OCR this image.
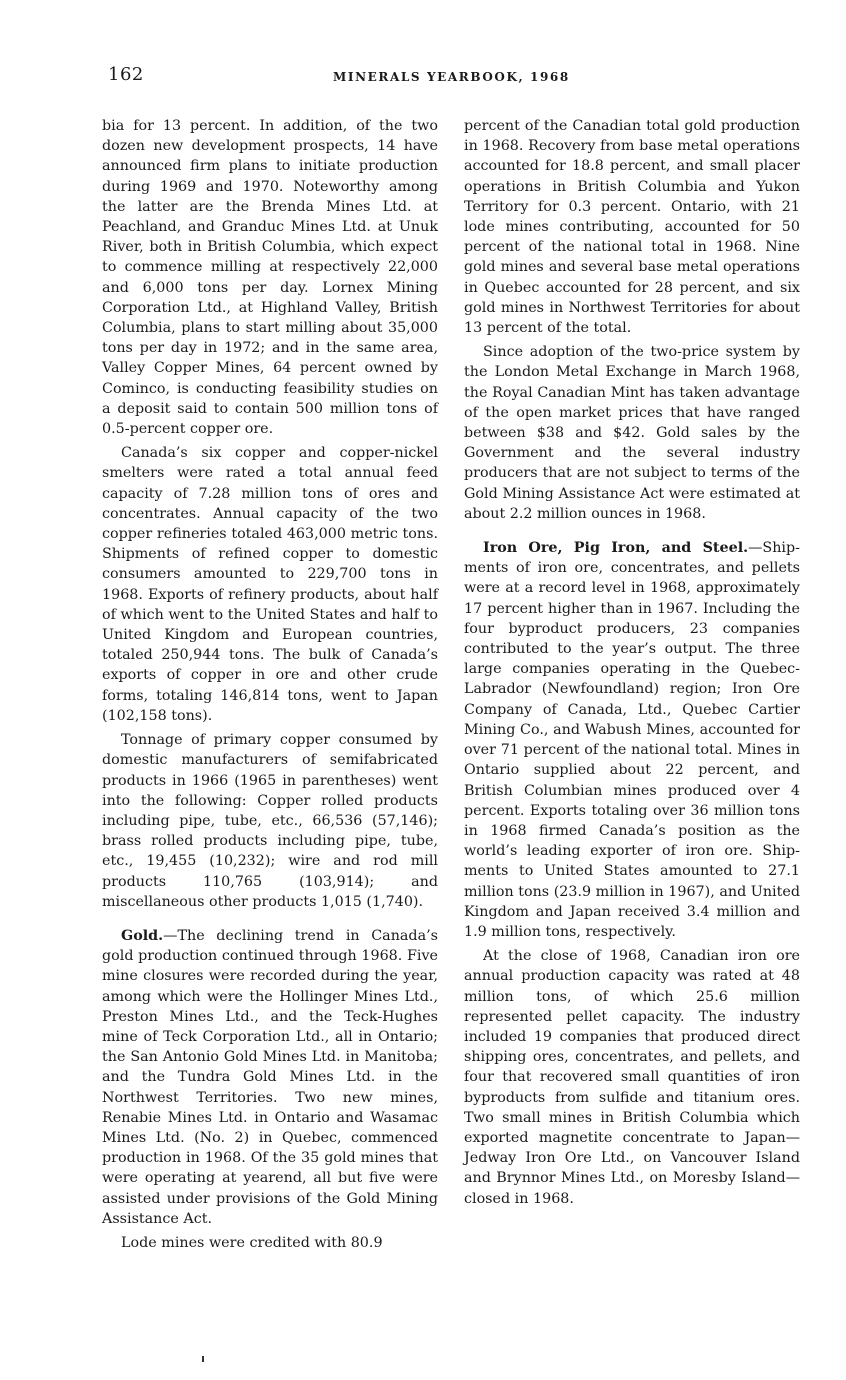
162	MINERALS YEARBOOK, 1968

bia for 13 percent. In addition, of the two dozen new development prospects, 14 have announced firm plans to initiate production during 1969 and 1970. Noteworthy among the latter are the Brenda Mines Ltd. at Peachland, and Granduc Mines Ltd. at Unuk River, both in British Columbia, which expect to commence milling at respectively 22,000 and 6,000 tons per day. Lornex Mining Corporation Ltd., at Highland Valley, British Columbia, plans to start milling about 35,000 tons per day in 1972; and in the same area, Valley Copper Mines, 64 percent owned by Cominco, is conducting feasibility studies on a deposit said to contain 500 million tons of 0.5-percent copper ore.

Canada’s six copper and copper-nickel smelters were rated a total annual feed capacity of 7.28 million tons of ores and concentrates. Annual capacity of the two copper refineries totaled 463,000 metric tons. Shipments of refined copper to domestic consumers amounted to 229,700 tons in 1968. Exports of refinery products, about half of which went to the United States and half to United Kingdom and European countries, totaled 250,944 tons. The bulk of Canada’s exports of copper in ore and other crude forms, totaling 146,814 tons, went to Japan (102,158 tons).

Tonnage of primary copper consumed by domestic manufacturers of semifabricated products in 1966 (1965 in parentheses) went into the following: Copper rolled products including pipe, tube, etc., 66,536 (57,146); brass rolled products including pipe, tube, etc., 19,455 (10,232); wire and rod mill products 110,765 (103,914); and miscellaneous other products 1,015 (1,740).

Gold.—The declining trend in Canada’s gold production continued through 1968. Five mine closures were recorded during the year, among which were the Hollinger Mines Ltd., Preston Mines Ltd., and the Teck-Hughes mine of Teck Corporation Ltd., all in Ontario; the San Antonio Gold Mines Ltd. in Manitoba; and the Tundra Gold Mines Ltd. in the Northwest Territories. Two new mines, Renabie Mines Ltd. in Ontario and Wasamac Mines Ltd. (No. 2) in Quebec, commenced production in 1968. Of the 35 gold mines that were operating at yearend, all but five were assisted under provisions of the Gold Mining Assistance Act.

Lode mines were credited with 80.9

percent of the Canadian total gold production in 1968. Recovery from base metal operations accounted for 18.8 percent, and small placer operations in British Columbia and Yukon Territory for 0.3 percent. Ontario, with 21 lode mines contributing, accounted for 50 percent of the national total in 1968. Nine gold mines and several base metal operations in Quebec accounted for 28 percent, and six gold mines in Northwest Territories for about 13 percent of the total.

Since adoption of the two-price system by the London Metal Exchange in March 1968, the Royal Canadian Mint has taken advantage of the open market prices that have ranged between $38 and $42. Gold sales by the Government and the several industry producers that are not subject to terms of the Gold Mining Assistance Act were estimated at about 2.2 million ounces in 1968.

Iron Ore, Pig Iron, and Steel.—Shipments of iron ore, concentrates, and pellets were at a record level in 1968, approximately 17 percent higher than in 1967. Including the four byproduct producers, 23 companies contributed to the year’s output. The three large companies operating in the Quebec-Labrador (Newfoundland) region; Iron Ore Company of Canada, Ltd., Quebec Cartier Mining Co., and Wabush Mines, accounted for over 71 percent of the national total. Mines in Ontario supplied about 22 percent, and British Columbian mines produced over 4 percent. Exports totaling over 36 million tons in 1968 firmed Canada’s position as the world’s leading exporter of iron ore. Shipments to United States amounted to 27.1 million tons (23.9 million in 1967), and United Kingdom and Japan received 3.4 million and 1.9 million tons, respectively.

At the close of 1968, Canadian iron ore annual production capacity was rated at 48 million tons, of which 25.6 million represented pellet capacity. The industry included 19 companies that produced direct shipping ores, concentrates, and pellets, and four that recovered small quantities of iron byproducts from sulfide and titanium ores. Two small mines in British Columbia which exported magnetite concentrate to Japan—Jedway Iron Ore Ltd., on Vancouver Island and Brynnor Mines Ltd., on Moresby Island—closed in 1968.
